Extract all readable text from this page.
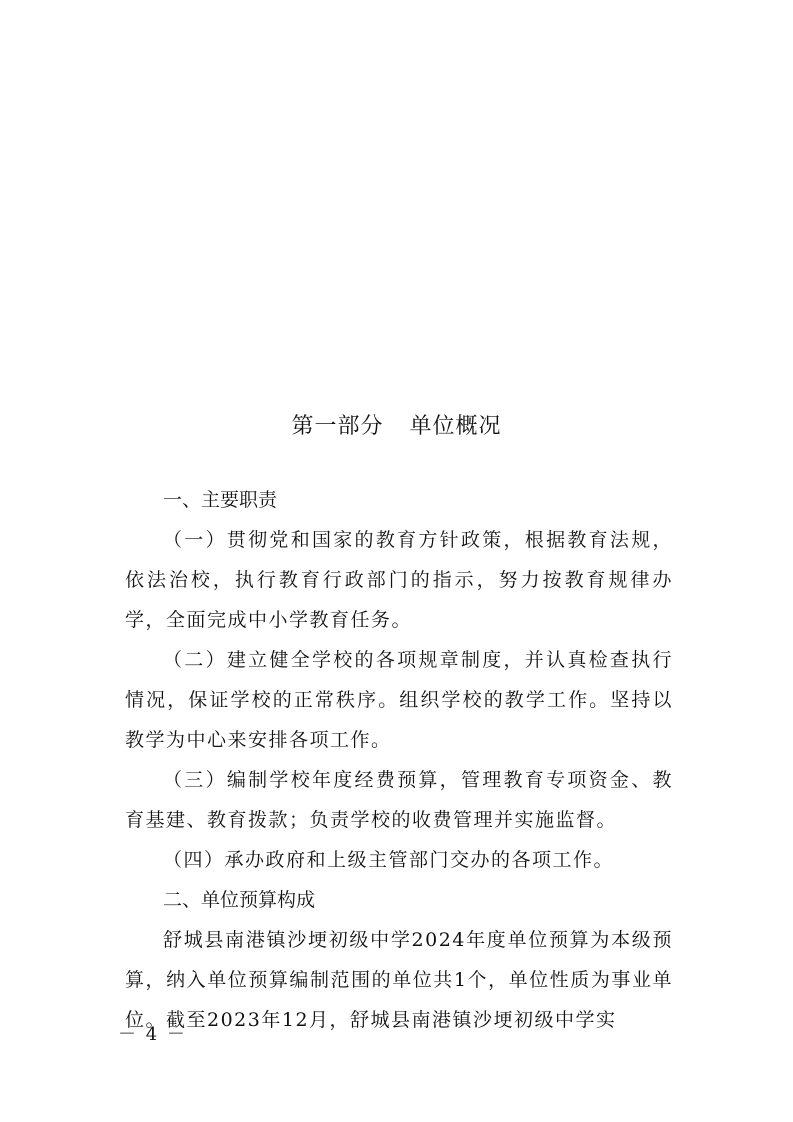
第一部分 单位概况
一、主要职责

（一）贯彻党和国家的教育方针政策，根据教育法规，依法治校，执行教育行政部门的指示，努力按教育规律办学，全面完成中小学教育任务。

（二）建立健全学校的各项规章制度，并认真检查执行情况，保证学校的正常秩序。组织学校的教学工作。坚持以教学为中心来安排各项工作。

（三）编制学校年度经费预算，管理教育专项资金、教育基建、教育拨款；负责学校的收费管理并实施监督。

（四）承办政府和上级主管部门交办的各项工作。

二、单位预算构成

舒城县南港镇沙埂初级中学2024年度单位预算为本级预算，纳入单位预算编制范围的单位共1个，单位性质为事业单位。截至2023年12月，舒城县南港镇沙埂初级中学实

－ 4 －
